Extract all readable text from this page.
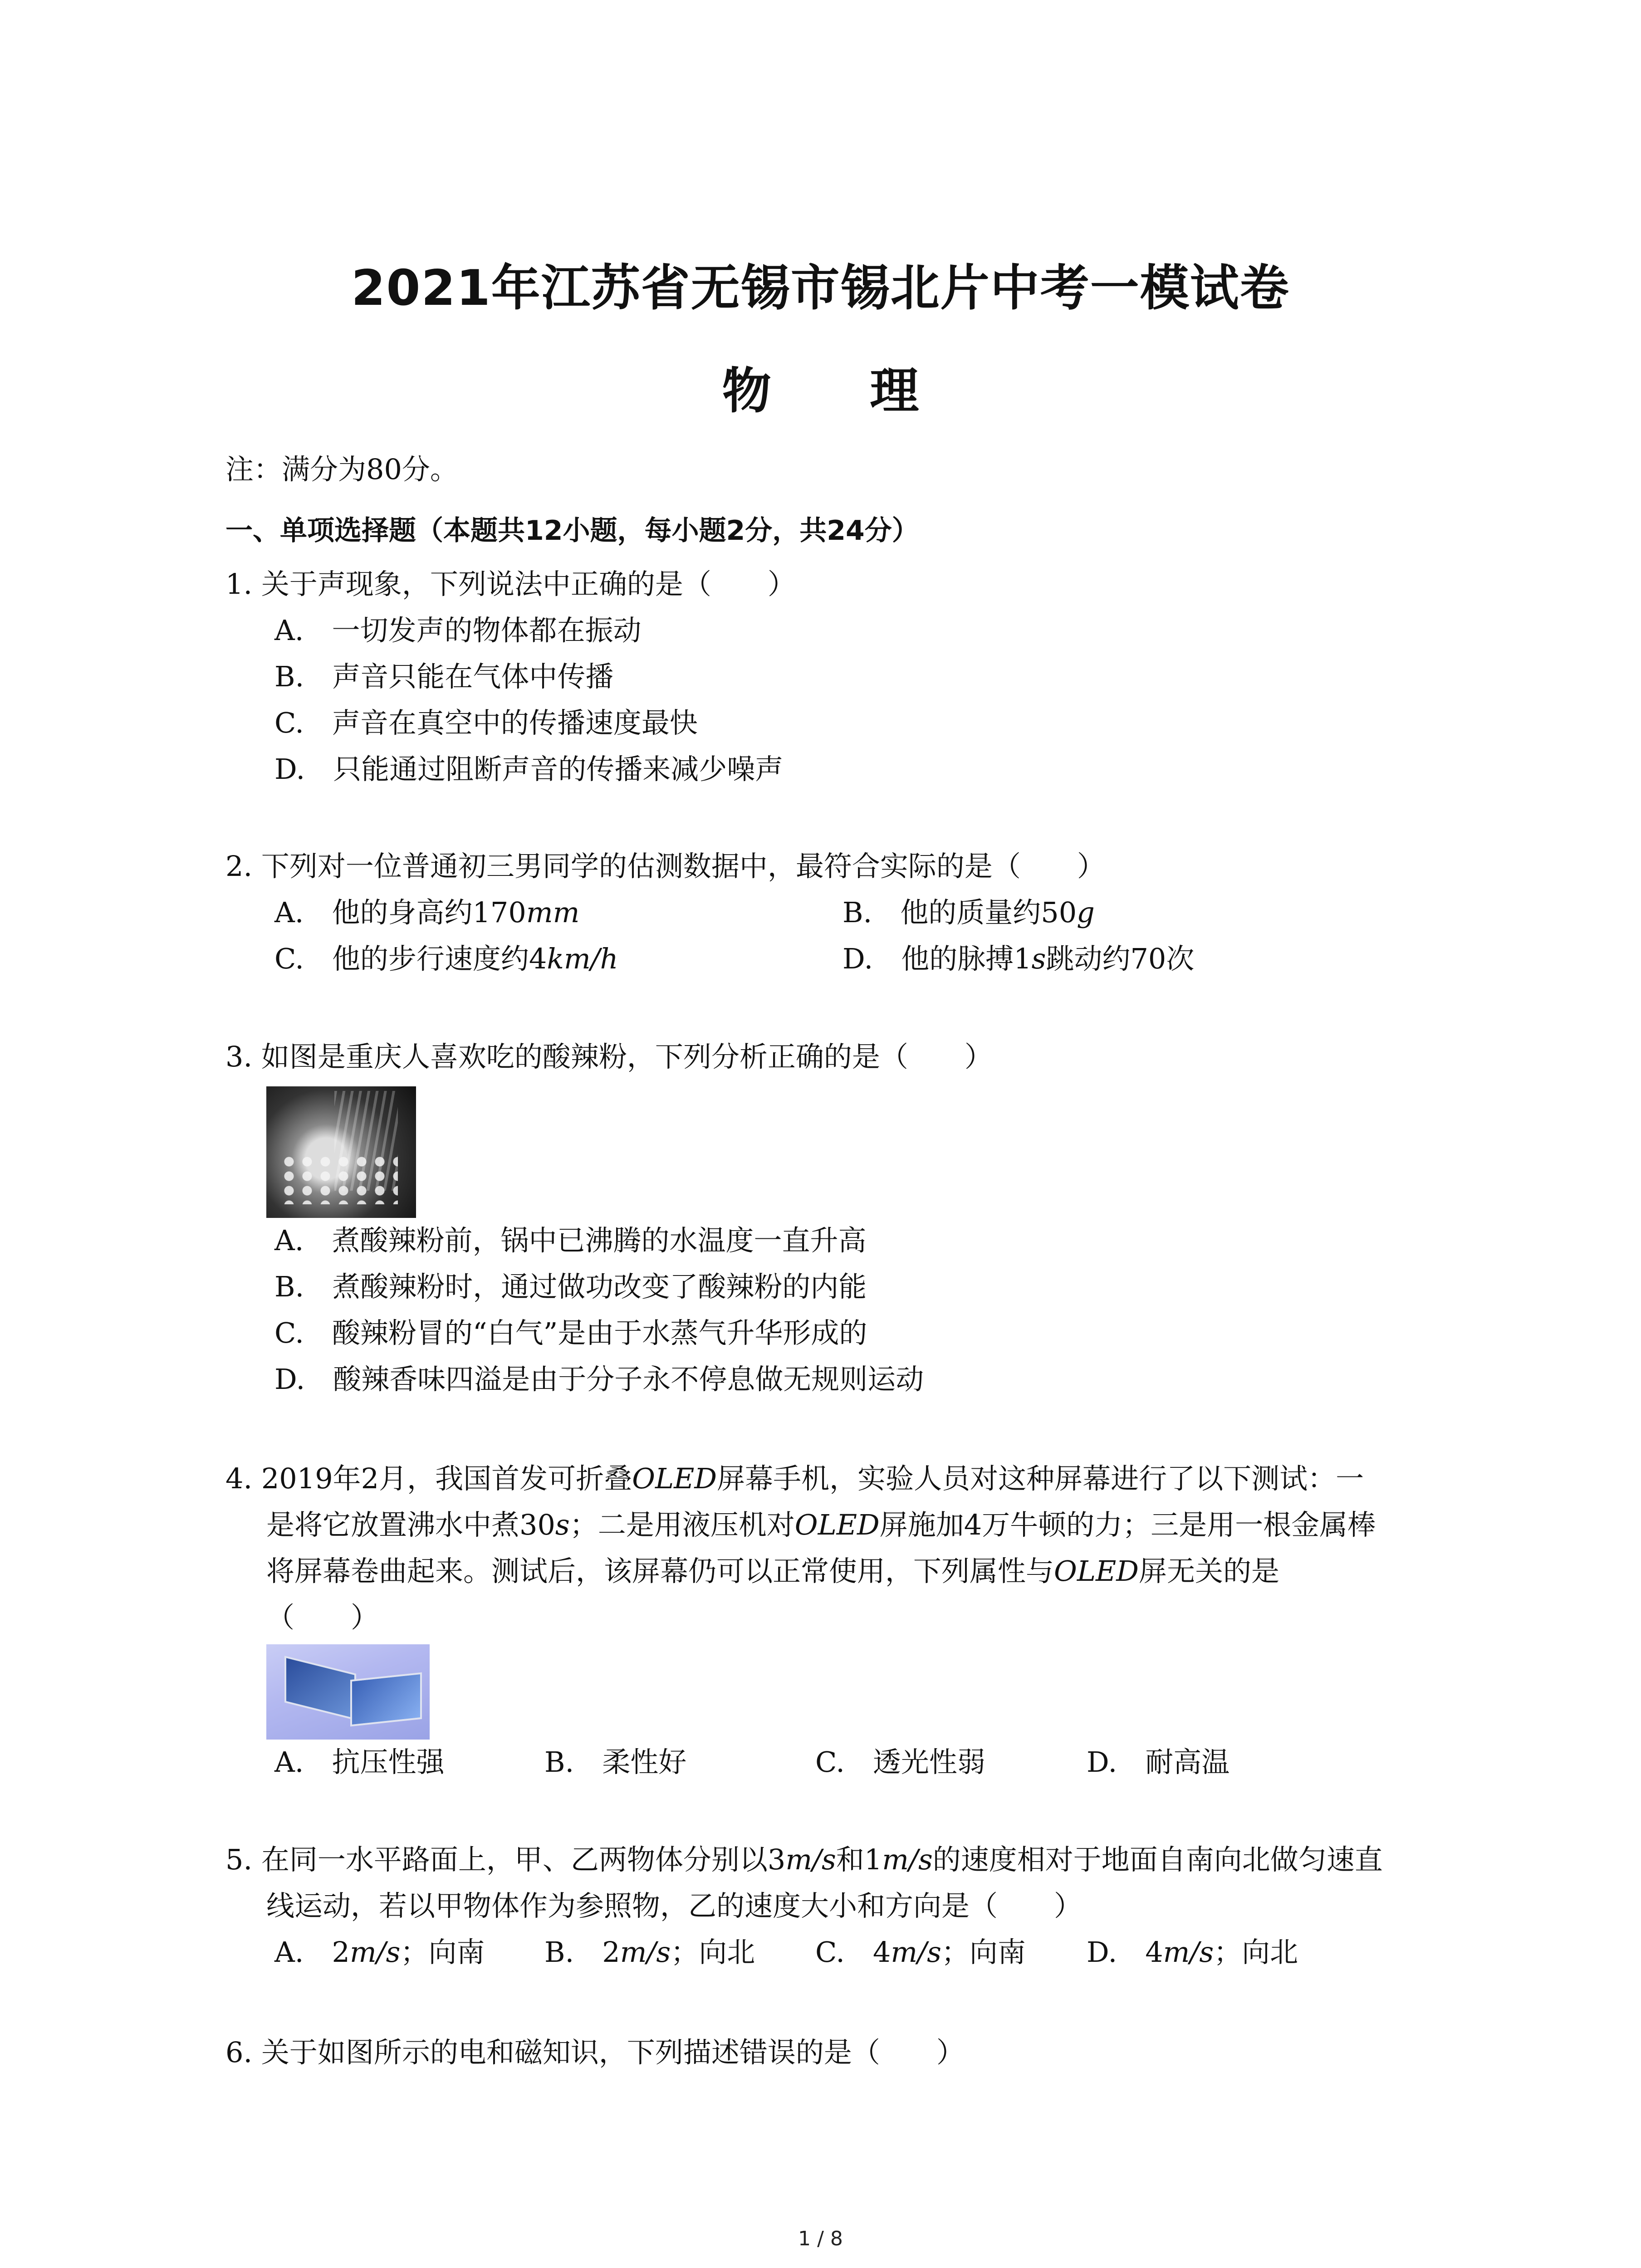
2021年江苏省无锡市锡北片中考一模试卷
物 理
注：满分为80分。
一、单项选择题（本题共12小题，每小题2分，共24分）
1. 关于声现象，下列说法中正确的是（　　）
A.　一切发声的物体都在振动
B.　声音只能在气体中传播
C.　声音在真空中的传播速度最快
D.　只能通过阻断声音的传播来减少噪声
2. 下列对一位普通初三男同学的估测数据中，最符合实际的是（　　）
A.　他的身高约170mm	B.　他的质量约50g
C.　他的步行速度约4km/h	D.　他的脉搏1s跳动约70次
3. 如图是重庆人喜欢吃的酸辣粉，下列分析正确的是（　　）
A.　煮酸辣粉前，锅中已沸腾的水温度一直升高
B.　煮酸辣粉时，通过做功改变了酸辣粉的内能
C.　酸辣粉冒的“白气”是由于水蒸气升华形成的
D.　酸辣香味四溢是由于分子永不停息做无规则运动
4. 2019年2月，我国首发可折叠OLED屏幕手机，实验人员对这种屏幕进行了以下测试：一
是将它放置沸水中煮30s；二是用液压机对OLED屏施加4万牛顿的力；三是用一根金属棒
将屏幕卷曲起来。测试后，该屏幕仍可以正常使用，下列属性与OLED屏无关的是
（　　）
A.　抗压性强	B.　柔性好	C.　透光性弱	D.　耐高温
5. 在同一水平路面上，甲、乙两物体分别以3m/s和1m/s的速度相对于地面自南向北做匀速直
线运动，若以甲物体作为参照物，乙的速度大小和方向是（　　）
A.　2m/s；向南 B.　2m/s；向北 C.　4m/s；向南 D.　4m/s；向北
6. 关于如图所示的电和磁知识，下列描述错误的是（　　）
1 / 8
